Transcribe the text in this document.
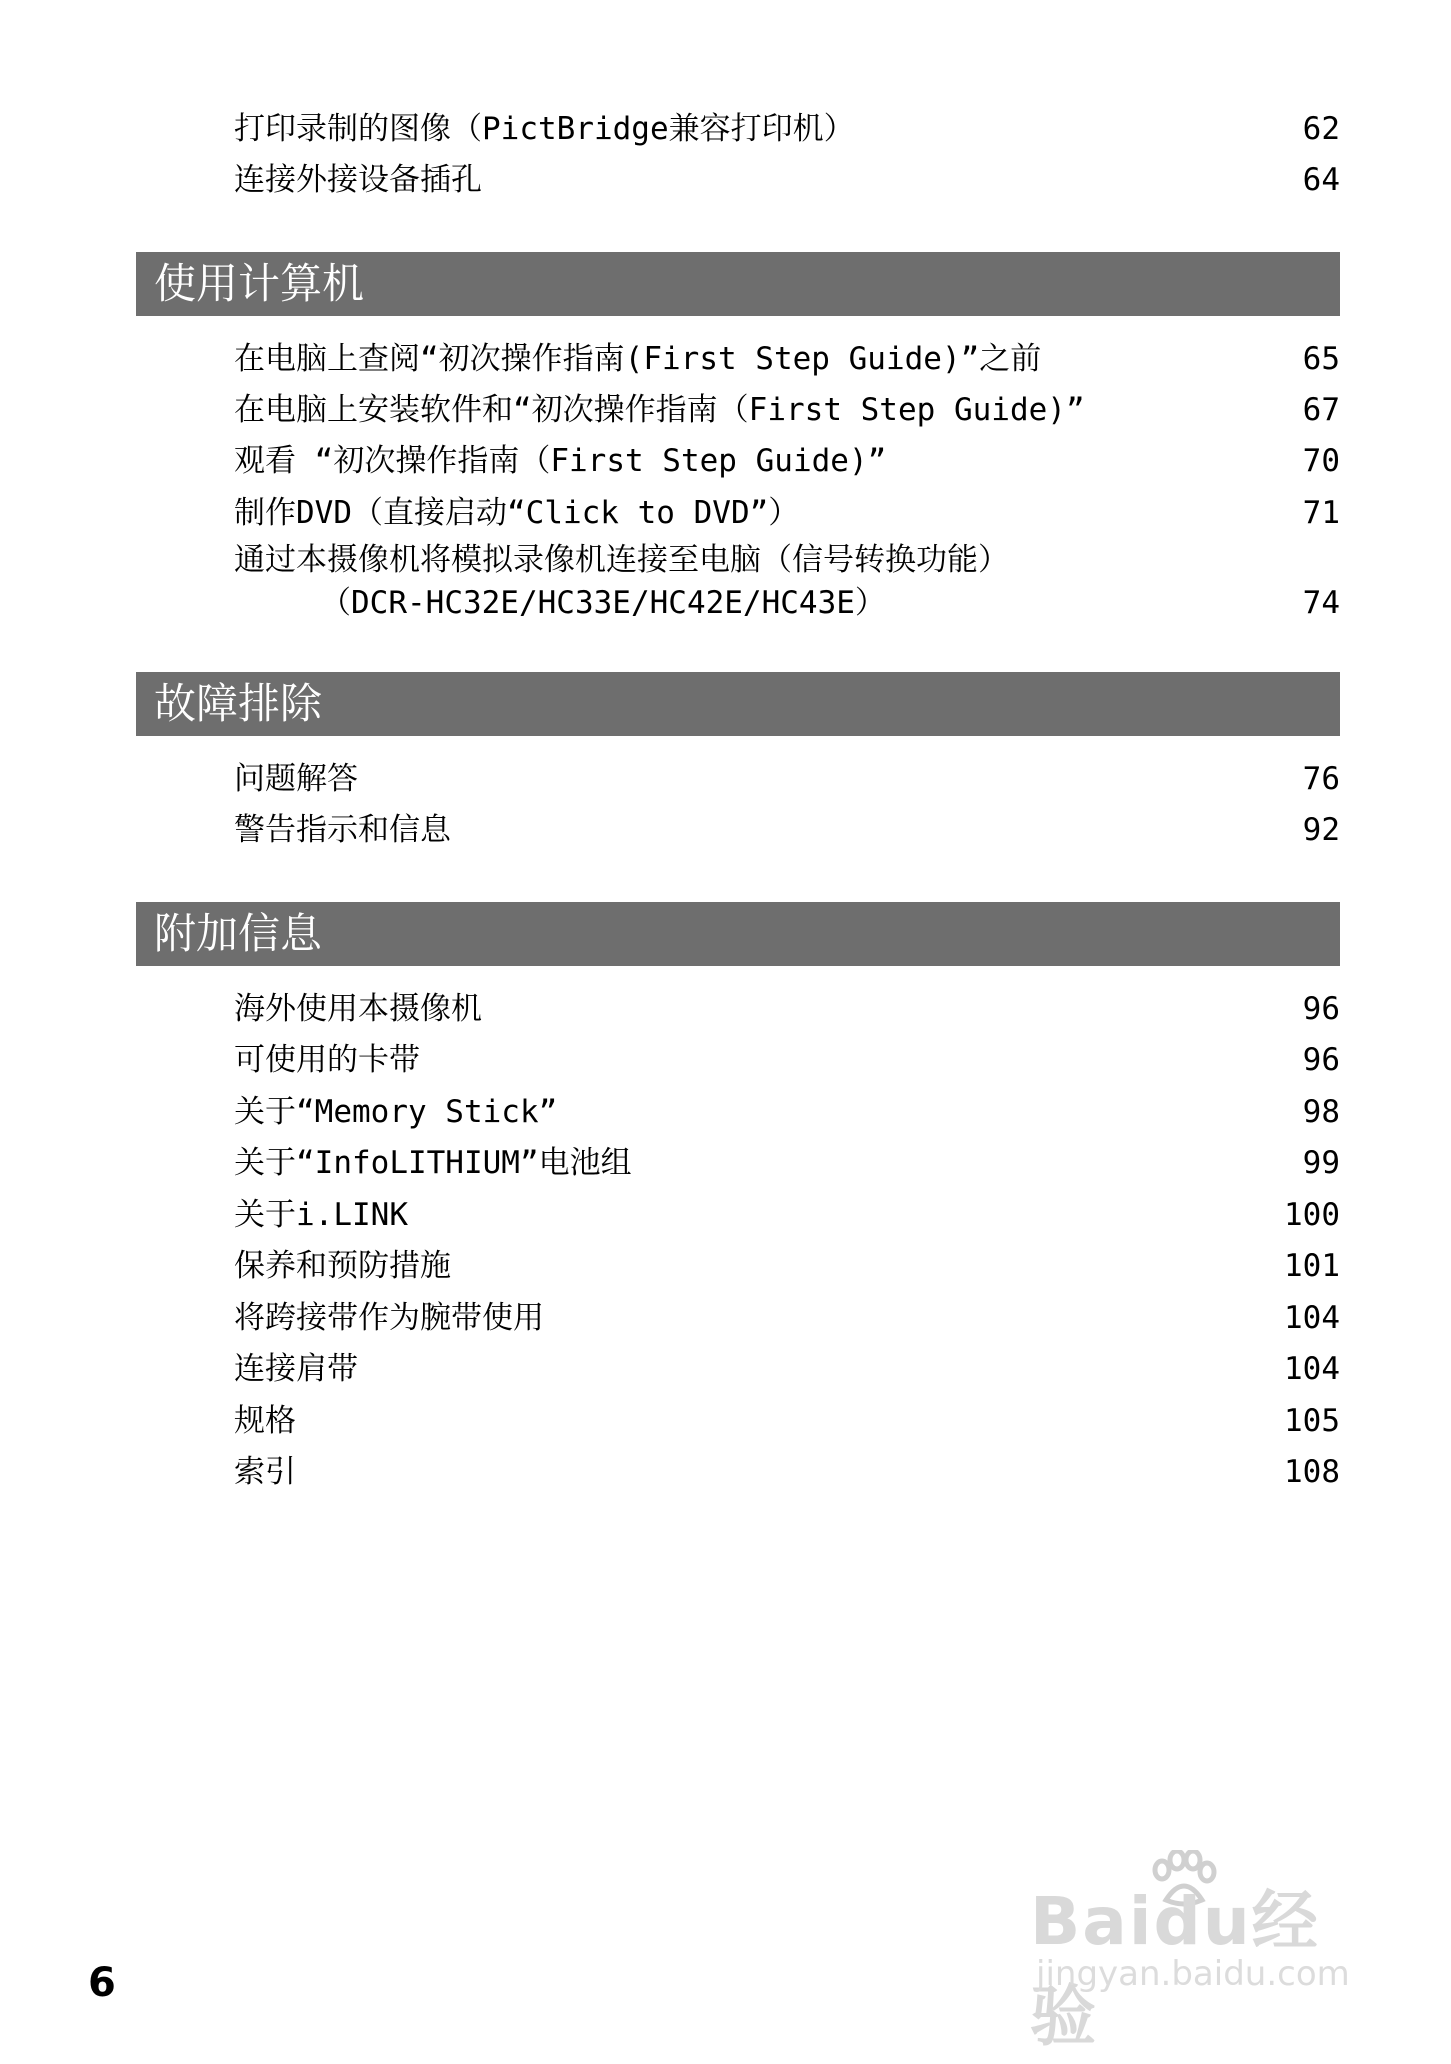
打印录制的图像（PictBridge兼容打印机）	62
连接外接设备插孔	64
使用计算机
在电脑上查阅“初次操作指南(First Step Guide)”之前	65
在电脑上安装软件和“初次操作指南（First Step Guide)”	67
观看 “初次操作指南（First Step Guide)”	70
制作DVD（直接启动“Click to DVD”）	71
通过本摄像机将模拟录像机连接至电脑（信号转换功能）
（DCR-HC32E/HC33E/HC42E/HC43E）	74
故障排除
问题解答	76
警告指示和信息	92
附加信息
海外使用本摄像机	96
可使用的卡带	96
关于“Memory Stick”	98
关于“InfoLITHIUM”电池组	99
关于i.LINK	100
保养和预防措施	101
将跨接带作为腕带使用	104
连接肩带	104
规格	105
索引	108
6
Baidu经验
jingyan.baidu.com
